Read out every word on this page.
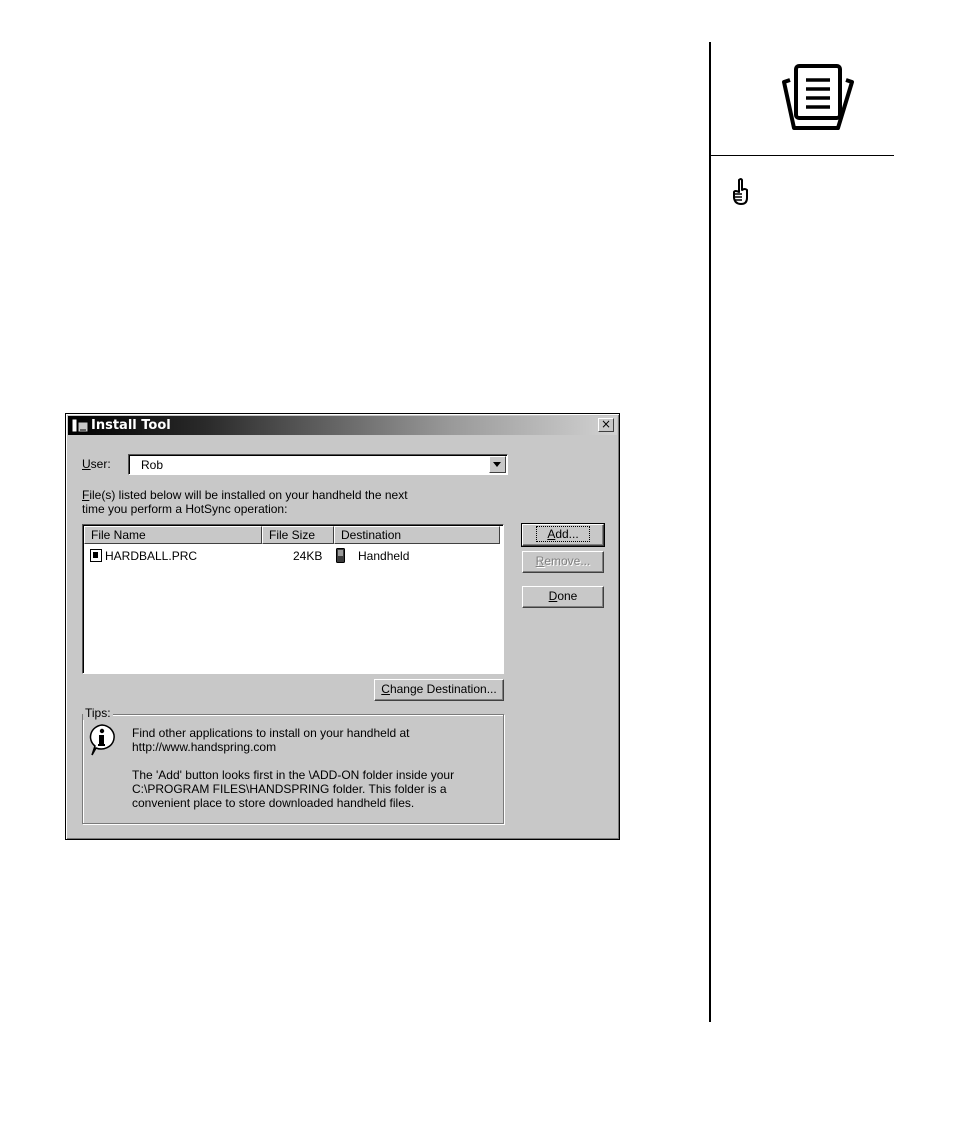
Install Tool	×
User:	Rob
File(s) listed below will be installed on your handheld the next
time you perform a HotSync operation:
File Name	File Size	Destination
HARDBALL.PRC	24KB	Handheld
Add...
Remove...
Done
Change Destination...
Tips:
Find other applications to install on your handheld at
http://www.handspring.com
The 'Add' button looks first in the \ADD-ON folder inside your
C:\PROGRAM FILES\HANDSPRING folder. This folder is a
convenient place to store downloaded handheld files.
